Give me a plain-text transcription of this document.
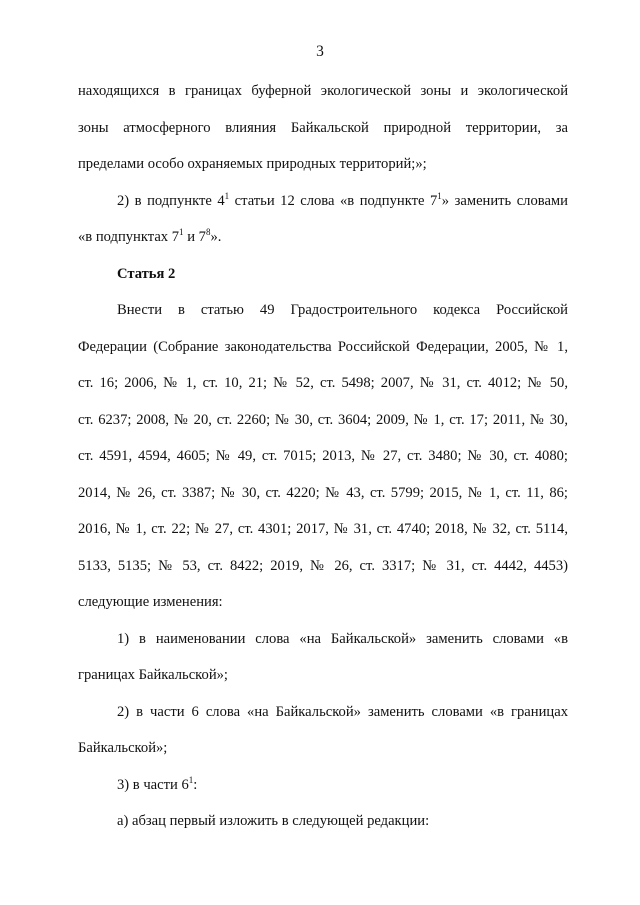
3
находящихся в границах буферной экологической зоны и экологической
зоны атмосферного влияния Байкальской природной территории, за
пределами особо охраняемых природных территорий;»;
2) в подпункте $4^1$ статьи 12 слова «в подпункте $7^1$» заменить словами
«в подпунктах $7^1$ и $7^8$».
Статья 2
Внести в статью 49 Градостроительного кодекса Российской
Федерации (Собрание законодательства Российской Федерации, 2005, № 1,
ст. 16; 2006, № 1, ст. 10, 21; № 52, ст. 5498; 2007, № 31, ст. 4012; № 50,
ст. 6237; 2008, № 20, ст. 2260; № 30, ст. 3604; 2009, № 1, ст. 17; 2011, № 30,
ст. 4591, 4594, 4605; № 49, ст. 7015; 2013, № 27, ст. 3480; № 30, ст. 4080;
2014, № 26, ст. 3387; № 30, ст. 4220; № 43, ст. 5799; 2015, № 1, ст. 11, 86;
2016, № 1, ст. 22; № 27, ст. 4301; 2017, № 31, ст. 4740; 2018, № 32, ст. 5114,
5133, 5135; № 53, ст. 8422; 2019, № 26, ст. 3317; № 31, ст. 4442, 4453)
следующие изменения:
1) в наименовании слова «на Байкальской» заменить словами «в
границах Байкальской»;
2) в части 6 слова «на Байкальской» заменить словами «в границах
Байкальской»;
3) в части $6^1$:
а) абзац первый изложить в следующей редакции:
